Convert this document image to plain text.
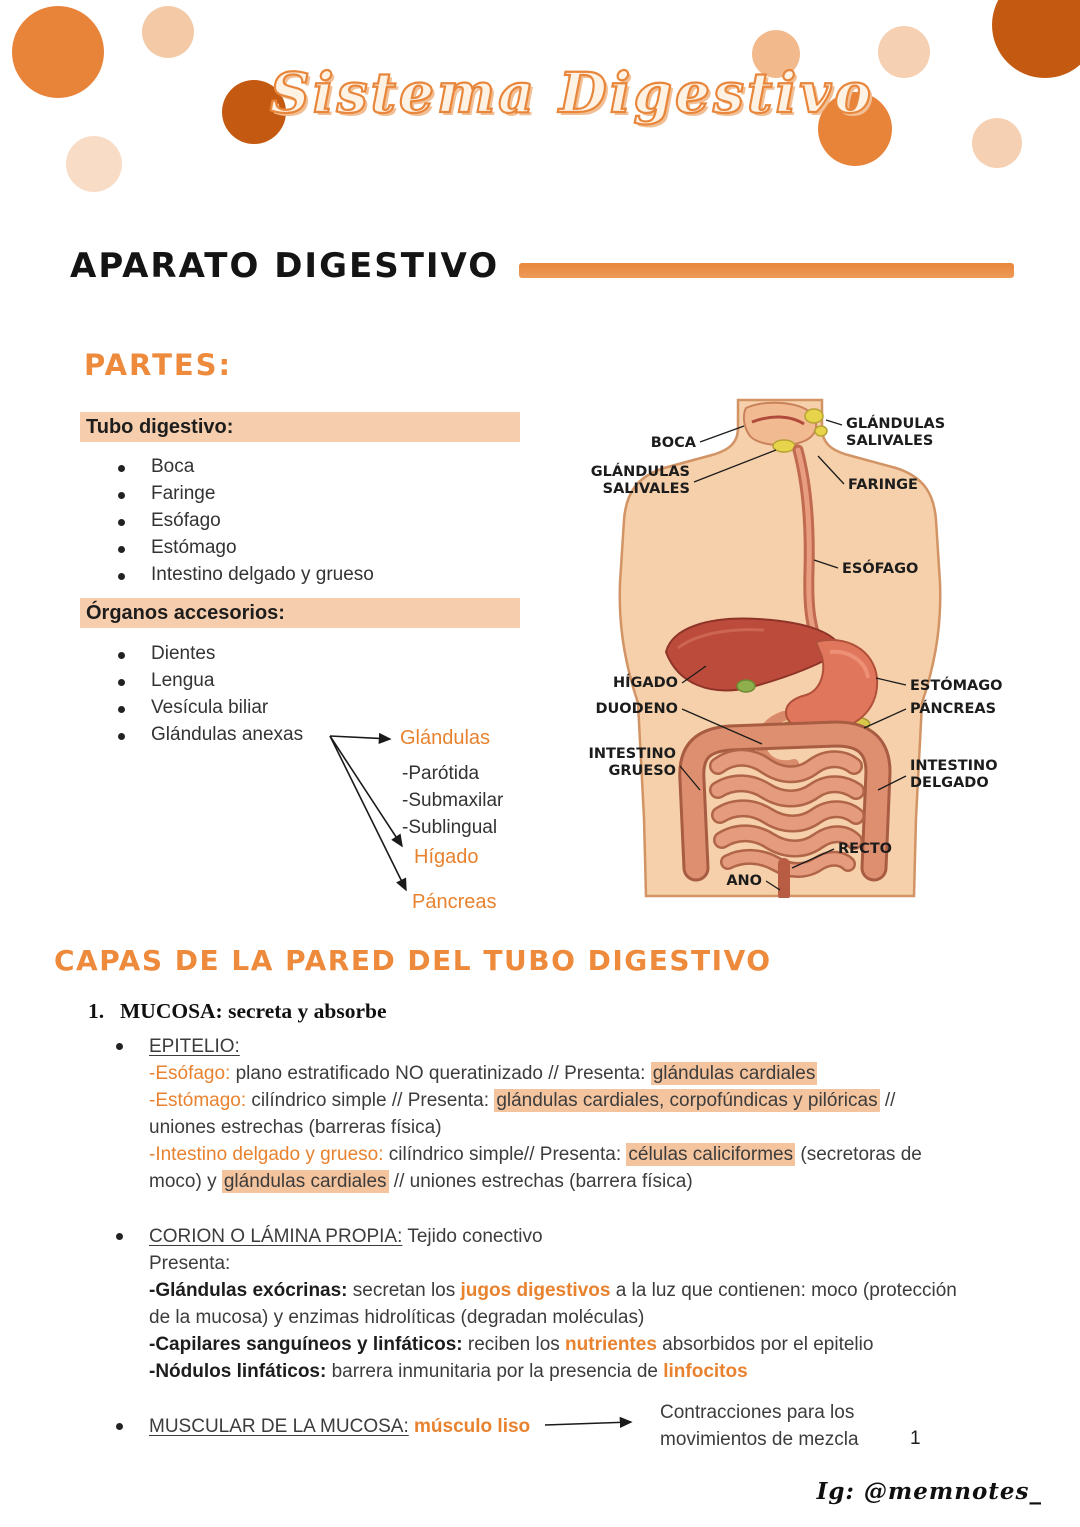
Sistema Digestivo
APARATO DIGESTIVO
PARTES:
Tubo digestivo:
Boca
Faringe
Esófago
Estómago
Intestino delgado y grueso
Órganos accesorios:
Dientes
Lengua
Vesícula biliar
Glándulas anexas	Glándulas
-Parótida
-Submaxilar
-Sublingual
Hígado
Páncreas
GLÁNDULAS
SALIVALES
BOCA
GLÁNDULAS
SALIVALES	FARINGE
ESÓFAGO
HÍGADO
DUODENO
ESTÓMAGO
PÁNCREAS
INTESTINO
GRUESO	INTESTINO
DELGADO
RECTO
ANO
CAPAS DE LA PARED DEL TUBO DIGESTIVO
1. MUCOSA: secreta y absorbe
EPITELIO:
-Esófago: plano estratificado NO queratinizado // Presenta: glándulas cardiales
-Estómago: cilíndrico simple // Presenta: glándulas cardiales, corpofúndicas y pilóricas //
uniones estrechas (barreras física)
-Intestino delgado y grueso: cilíndrico simple// Presenta: células caliciformes (secretoras de
moco) y glándulas cardiales // uniones estrechas (barrera física)
CORION O LÁMINA PROPIA: Tejido conectivo
Presenta:
-Glándulas exócrinas: secretan los jugos digestivos a la luz que contienen: moco (protección
de la mucosa) y enzimas hidrolíticas (degradan moléculas)
-Capilares sanguíneos y linfáticos: reciben los nutrientes absorbidos por el epitelio
-Nódulos linfáticos: barrera inmunitaria por la presencia de linfocitos
MUSCULAR DE LA MUCOSA: músculo liso
Contracciones para los
movimientos de mezcla	1
Ig: @memnotes_
